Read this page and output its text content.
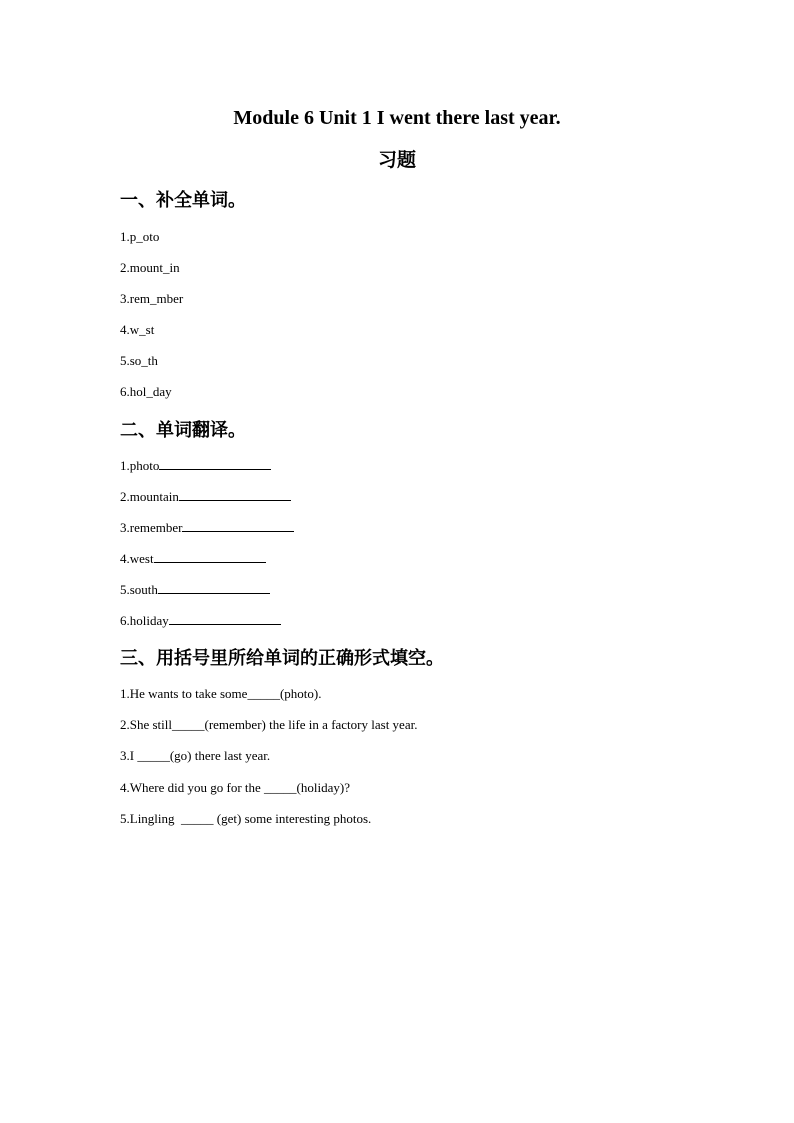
Module 6 Unit 1 I went there last year.
习题
一、补全单词。
1.p_oto
2.mount_in
3.rem_mber
4.w_st
5.so_th
6.hol_day
二、单词翻译。
1.photo
2.mountain
3.remember
4.west
5.south
6.holiday
三、用括号里所给单词的正确形式填空。
1.He wants to take some_____(photo).
2.She still_____(remember) the life in a factory last year.
3.I _____(go) there last year.
4.Where did you go for the _____(holiday)?
5.Lingling  _____ (get) some interesting photos.
